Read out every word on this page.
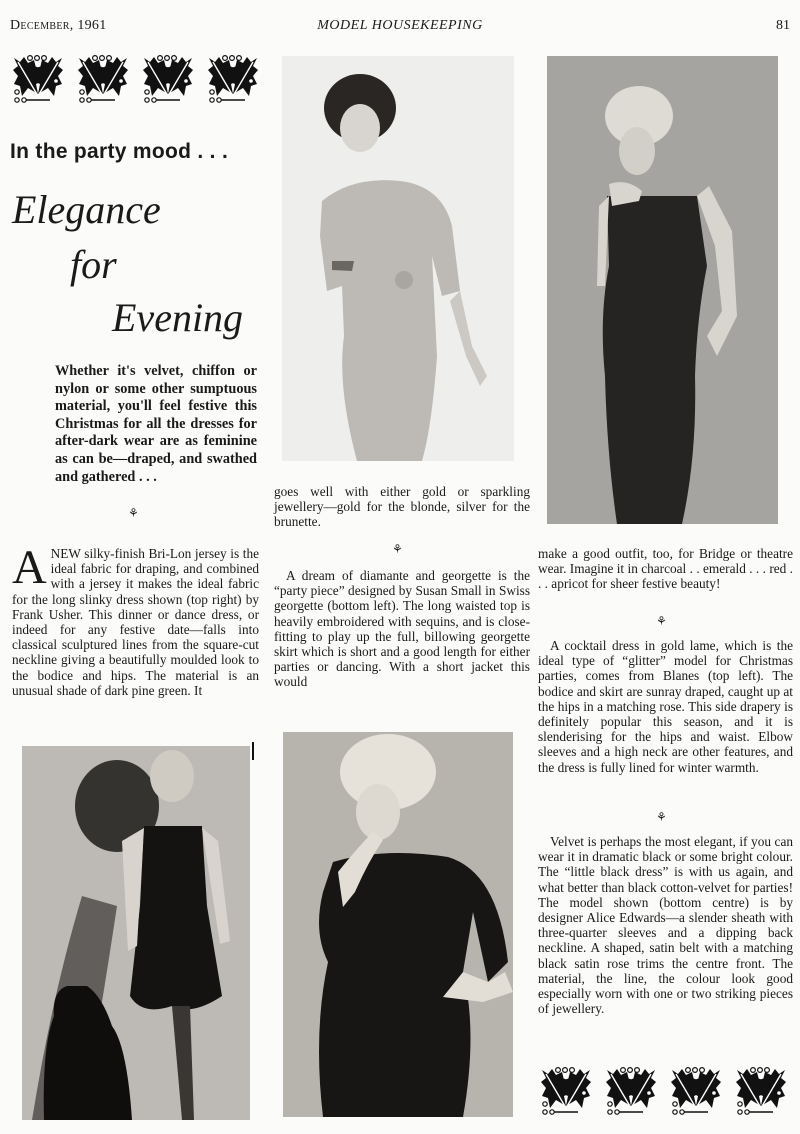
December, 1961	MODEL HOUSEKEEPING	81
In the party mood . . .
Elegance
for
Evening
Whether it's velvet, chiffon or nylon or some other sumptuous material, you'll feel festive this Christmas for all the dresses for after-dark wear are as feminine as can be—draped, and swathed and gathered . . .
⚘
A NEW silky-finish Bri-Lon jersey is the ideal fabric for draping, and combined with a jersey it makes the ideal fabric for the long slinky dress shown (top right) by Frank Usher. This dinner or dance dress, or indeed for any festive date—falls into classical sculptured lines from the square-cut neckline giving a beautifully moulded look to the bodice and hips. The material is an unusual shade of dark pine green. It
goes well with either gold or sparkling jewellery—gold for the blonde, silver for the brunette.
⚘
A dream of diamante and georgette is the “party piece” designed by Susan Small in Swiss georgette (bottom left). The long waisted top is heavily embroidered with sequins, and is close-fitting to play up the full, billowing georgette skirt which is short and a good length for either parties or dancing. With a short jacket this would
make a good outfit, too, for Bridge or theatre wear. Imagine it in charcoal . . emerald . . . red . . . apricot for sheer festive beauty!
⚘
A cocktail dress in gold lame, which is the ideal type of “glitter” model for Christmas parties, comes from Blanes (top left). The bodice and skirt are sunray draped, caught up at the hips in a matching rose. This side drapery is definitely popular this season, and it is slenderising for the hips and waist. Elbow sleeves and a high neck are other features, and the dress is fully lined for winter warmth.
⚘
Velvet is perhaps the most elegant, if you can wear it in dramatic black or some bright colour. The “little black dress” is with us again, and what better than black cotton-velvet for parties! The model shown (bottom centre) is by designer Alice Edwards—a slender sheath with three-quarter sleeves and a dipping back neckline. A shaped, satin belt with a matching black satin rose trims the centre front. The material, the line, the colour look good especially worn with one or two striking pieces of jewellery.
